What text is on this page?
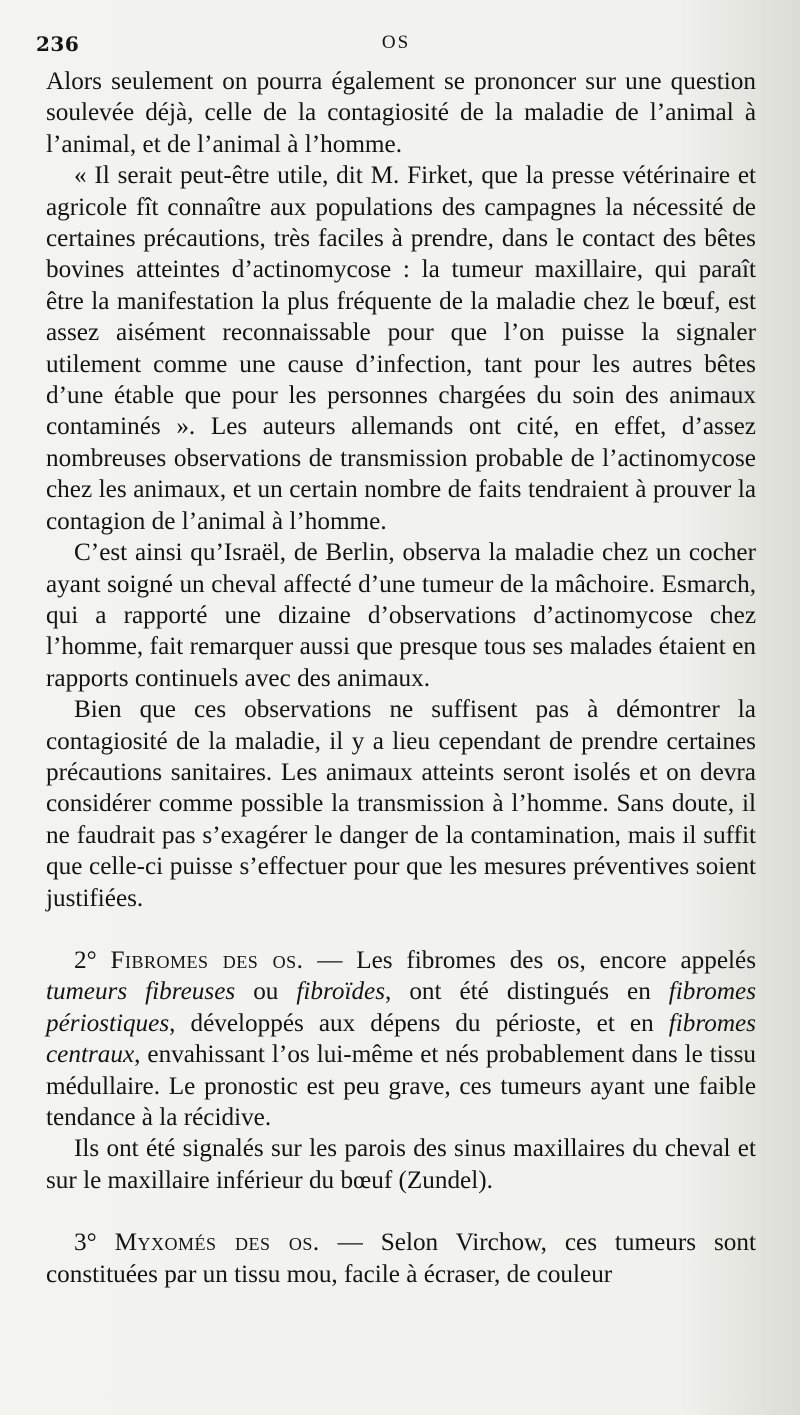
236	OS

Alors seulement on pourra également se prononcer sur une question soulevée déjà, celle de la contagiosité de la maladie de l’animal à l’animal, et de l’animal à l’homme.

« Il serait peut-être utile, dit M. Firket, que la presse vétérinaire et agricole fît connaître aux populations des campagnes la nécessité de certaines précautions, très faciles à prendre, dans le contact des bêtes bovines atteintes d’actinomycose : la tumeur maxillaire, qui paraît être la manifestation la plus fréquente de la maladie chez le bœuf, est assez aisément reconnaissable pour que l’on puisse la signaler utilement comme une cause d’infection, tant pour les autres bêtes d’une étable que pour les personnes chargées du soin des animaux contaminés ». Les auteurs allemands ont cité, en effet, d’assez nombreuses observations de transmission probable de l’actinomycose chez les animaux, et un certain nombre de faits tendraient à prouver la contagion de l’animal à l’homme.

C’est ainsi qu’Israël, de Berlin, observa la maladie chez un cocher ayant soigné un cheval affecté d’une tumeur de la mâchoire. Esmarch, qui a rapporté une dizaine d’observations d’actinomycose chez l’homme, fait remarquer aussi que presque tous ses malades étaient en rapports continuels avec des animaux.

Bien que ces observations ne suffisent pas à démontrer la contagiosité de la maladie, il y a lieu cependant de prendre certaines précautions sanitaires. Les animaux atteints seront isolés et on devra considérer comme possible la transmission à l’homme. Sans doute, il ne faudrait pas s’exagérer le danger de la contamination, mais il suffit que celle-ci puisse s’effectuer pour que les mesures préventives soient justifiées.

2° Fibromes des os. — Les fibromes des os, encore appelés tumeurs fibreuses ou fibroïdes, ont été distingués en fibromes périostiques, développés aux dépens du périoste, et en fibromes centraux, envahissant l’os lui-même et nés probablement dans le tissu médullaire. Le pronostic est peu grave, ces tumeurs ayant une faible tendance à la récidive.

Ils ont été signalés sur les parois des sinus maxillaires du cheval et sur le maxillaire inférieur du bœuf (Zundel).

3° Myxomés des os. — Selon Virchow, ces tumeurs sont constituées par un tissu mou, facile à écraser, de couleur
